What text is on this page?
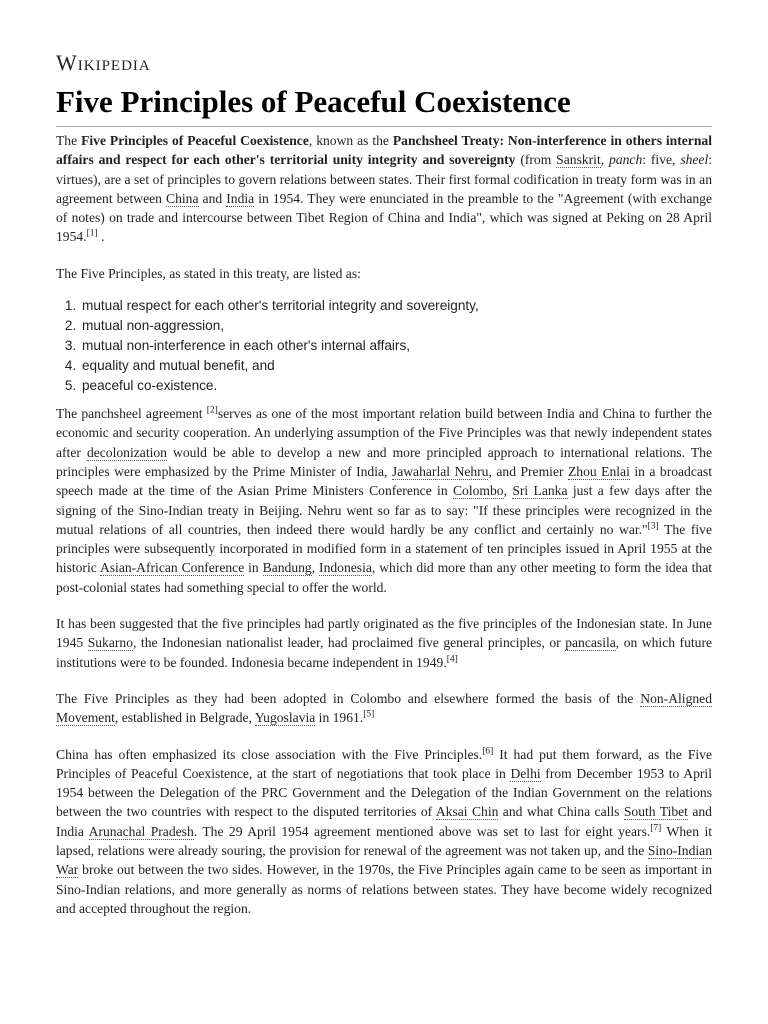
Wikipedia
Five Principles of Peaceful Coexistence

The Five Principles of Peaceful Coexistence, known as the Panchsheel Treaty: Non-interference in others internal affairs and respect for each other's territorial unity integrity and sovereignty (from Sanskrit, panch: five, sheel: virtues), are a set of principles to govern relations between states. Their first formal codification in treaty form was in an agreement between China and India in 1954. They were enunciated in the preamble to the "Agreement (with exchange of notes) on trade and intercourse between Tibet Region of China and India", which was signed at Peking on 28 April 1954.[1] .

The Five Principles, as stated in this treaty, are listed as:

1. mutual respect for each other's territorial integrity and sovereignty,
2. mutual non-aggression,
3. mutual non-interference in each other's internal affairs,
4. equality and mutual benefit, and
5. peaceful co-existence.

The panchsheel agreement [2]serves as one of the most important relation build between India and China to further the economic and security cooperation. An underlying assumption of the Five Principles was that newly independent states after decolonization would be able to develop a new and more principled approach to international relations. The principles were emphasized by the Prime Minister of India, Jawaharlal Nehru, and Premier Zhou Enlai in a broadcast speech made at the time of the Asian Prime Ministers Conference in Colombo, Sri Lanka just a few days after the signing of the Sino-Indian treaty in Beijing. Nehru went so far as to say: "If these principles were recognized in the mutual relations of all countries, then indeed there would hardly be any conflict and certainly no war."[3] The five principles were subsequently incorporated in modified form in a statement of ten principles issued in April 1955 at the historic Asian-African Conference in Bandung, Indonesia, which did more than any other meeting to form the idea that post-colonial states had something special to offer the world.

It has been suggested that the five principles had partly originated as the five principles of the Indonesian state. In June 1945 Sukarno, the Indonesian nationalist leader, had proclaimed five general principles, or pancasila, on which future institutions were to be founded. Indonesia became independent in 1949.[4]

The Five Principles as they had been adopted in Colombo and elsewhere formed the basis of the Non-Aligned Movement, established in Belgrade, Yugoslavia in 1961.[5]

China has often emphasized its close association with the Five Principles.[6] It had put them forward, as the Five Principles of Peaceful Coexistence, at the start of negotiations that took place in Delhi from December 1953 to April 1954 between the Delegation of the PRC Government and the Delegation of the Indian Government on the relations between the two countries with respect to the disputed territories of Aksai Chin and what China calls South Tibet and India Arunachal Pradesh. The 29 April 1954 agreement mentioned above was set to last for eight years.[7] When it lapsed, relations were already souring, the provision for renewal of the agreement was not taken up, and the Sino-Indian War broke out between the two sides. However, in the 1970s, the Five Principles again came to be seen as important in Sino-Indian relations, and more generally as norms of relations between states. They have become widely recognized and accepted throughout the region.
